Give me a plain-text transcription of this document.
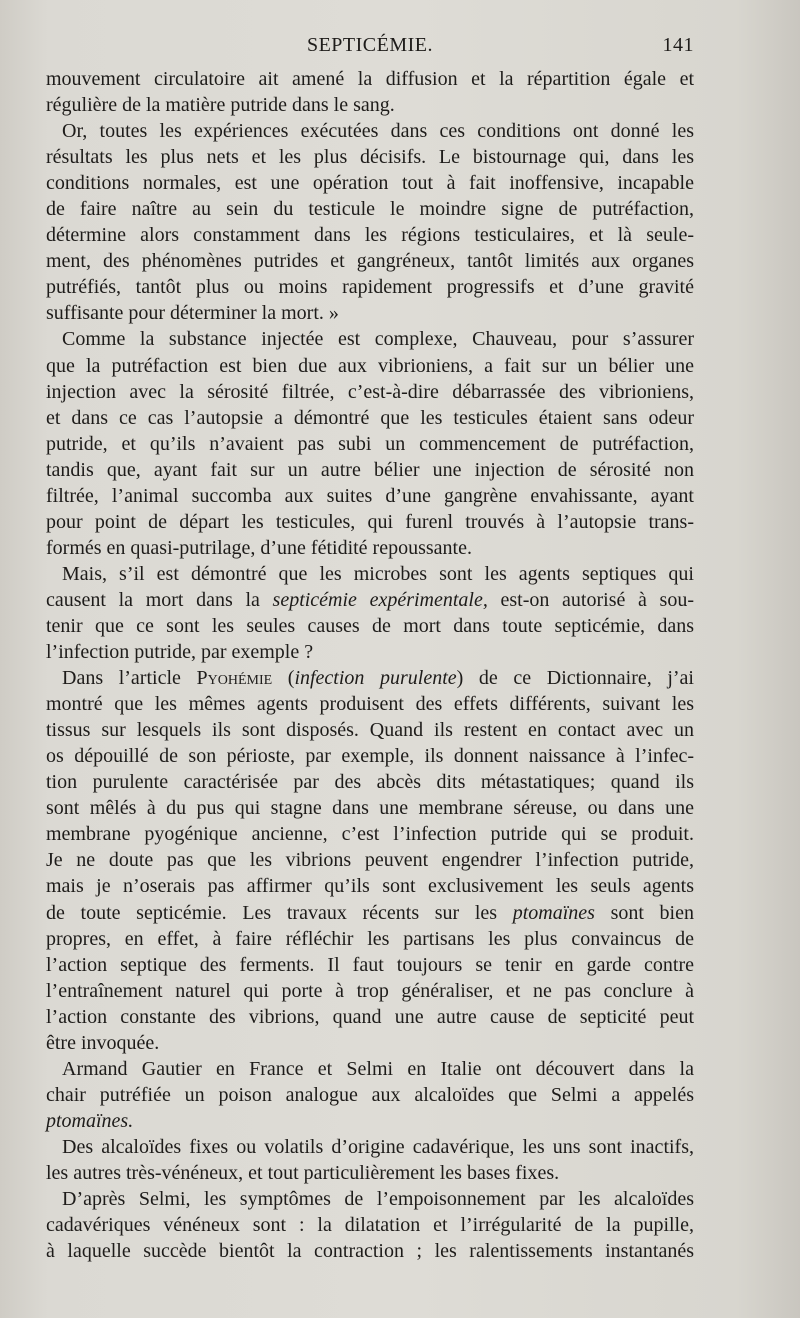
SEPTICÉMIE.	141
mouvement circulatoire ait amené la diffusion et la répartition égale et
régulière de la matière putride dans le sang.
Or, toutes les expériences exécutées dans ces conditions ont donné les
résultats les plus nets et les plus décisifs. Le bistournage qui, dans les
conditions normales, est une opération tout à fait inoffensive, incapable
de faire naître au sein du testicule le moindre signe de putréfaction,
détermine alors constamment dans les régions testiculaires, et là seule-
ment, des phénomènes putrides et gangréneux, tantôt limités aux organes
putréfiés, tantôt plus ou moins rapidement progressifs et d’une gravité
suffisante pour déterminer la mort. »
Comme la substance injectée est complexe, Chauveau, pour s’assurer
que la putréfaction est bien due aux vibrioniens, a fait sur un bélier une
injection avec la sérosité filtrée, c’est-à-dire débarrassée des vibrioniens,
et dans ce cas l’autopsie a démontré que les testicules étaient sans odeur
putride, et qu’ils n’avaient pas subi un commencement de putréfaction,
tandis que, ayant fait sur un autre bélier une injection de sérosité non
filtrée, l’animal succomba aux suites d’une gangrène envahissante, ayant
pour point de départ les testicules, qui furenl trouvés à l’autopsie trans-
formés en quasi-putrilage, d’une fétidité repoussante.
Mais, s’il est démontré que les microbes sont les agents septiques qui
causent la mort dans la septicémie expérimentale, est-on autorisé à sou-
tenir que ce sont les seules causes de mort dans toute septicémie, dans
l’infection putride, par exemple ?
Dans l’article Pyohémie (infection purulente) de ce Dictionnaire, j’ai
montré que les mêmes agents produisent des effets différents, suivant les
tissus sur lesquels ils sont disposés. Quand ils restent en contact avec un
os dépouillé de son périoste, par exemple, ils donnent naissance à l’infec-
tion purulente caractérisée par des abcès dits métastatiques; quand ils
sont mêlés à du pus qui stagne dans une membrane séreuse, ou dans une
membrane pyogénique ancienne, c’est l’infection putride qui se produit.
Je ne doute pas que les vibrions peuvent engendrer l’infection putride,
mais je n’oserais pas affirmer qu’ils sont exclusivement les seuls agents
de toute septicémie. Les travaux récents sur les ptomaïnes sont bien
propres, en effet, à faire réfléchir les partisans les plus convaincus de
l’action septique des ferments. Il faut toujours se tenir en garde contre
l’entraînement naturel qui porte à trop généraliser, et ne pas conclure à
l’action constante des vibrions, quand une autre cause de septicité peut
être invoquée.
Armand Gautier en France et Selmi en Italie ont découvert dans la
chair putréfiée un poison analogue aux alcaloïdes que Selmi a appelés
ptomaïnes.
Des alcaloïdes fixes ou volatils d’origine cadavérique, les uns sont inactifs,
les autres très-vénéneux, et tout particulièrement les bases fixes.
D’après Selmi, les symptômes de l’empoisonnement par les alcaloïdes
cadavériques vénéneux sont : la dilatation et l’irrégularité de la pupille,
à laquelle succède bientôt la contraction ; les ralentissements instantanés
